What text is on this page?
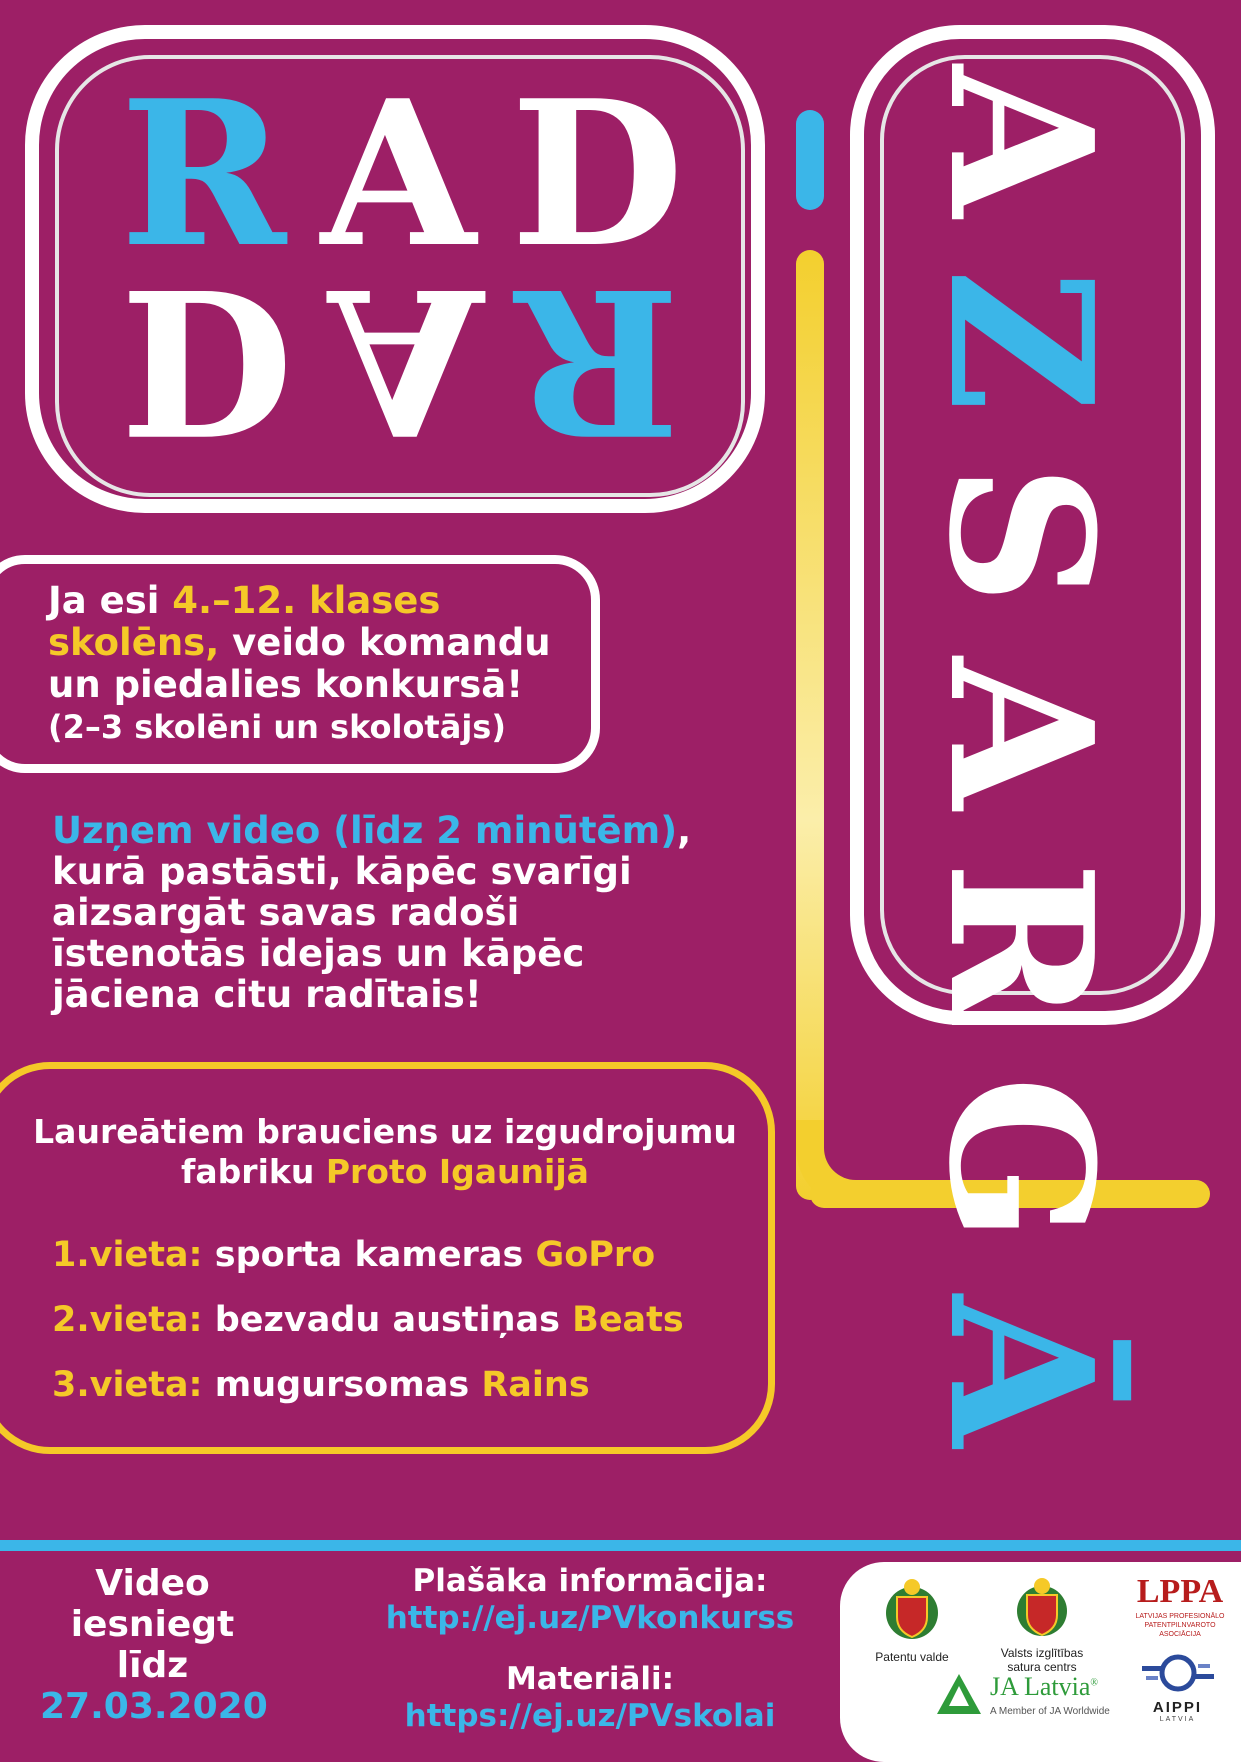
R A D
D A R
A
Z
S
A
R
G
Ā
Ja esi 4.–12. klases
skolēns, veido komandu
un piedalies konkursā!
(2–3 skolēni un skolotājs)
Uzņem video (līdz 2 minūtēm),
kurā pastāsti, kāpēc svarīgi
aizsargāt savas radoši
īstenotās idejas un kāpēc
jāciena citu radītais!
Laureātiem brauciens uz izgudrojumu
fabriku Proto Igaunijā
1.vieta: sporta kameras GoPro
2.vieta: bezvadu austiņas Beats
3.vieta: mugursomas Rains
Video
iesniegt
līdz
27.03.2020
Plašāka informācija:
http://ej.uz/PVkonkurss
Materiāli:
https://ej.uz/PVskolai
Patentu valde	Valsts izglītības
satura centrs
LPPA
LATVIJAS PROFESIONĀLO
PATENTPILNVAROTO ASOCIĀCIJA
JA Latvia®
A Member of JA Worldwide	AIPPI
LATVIA
